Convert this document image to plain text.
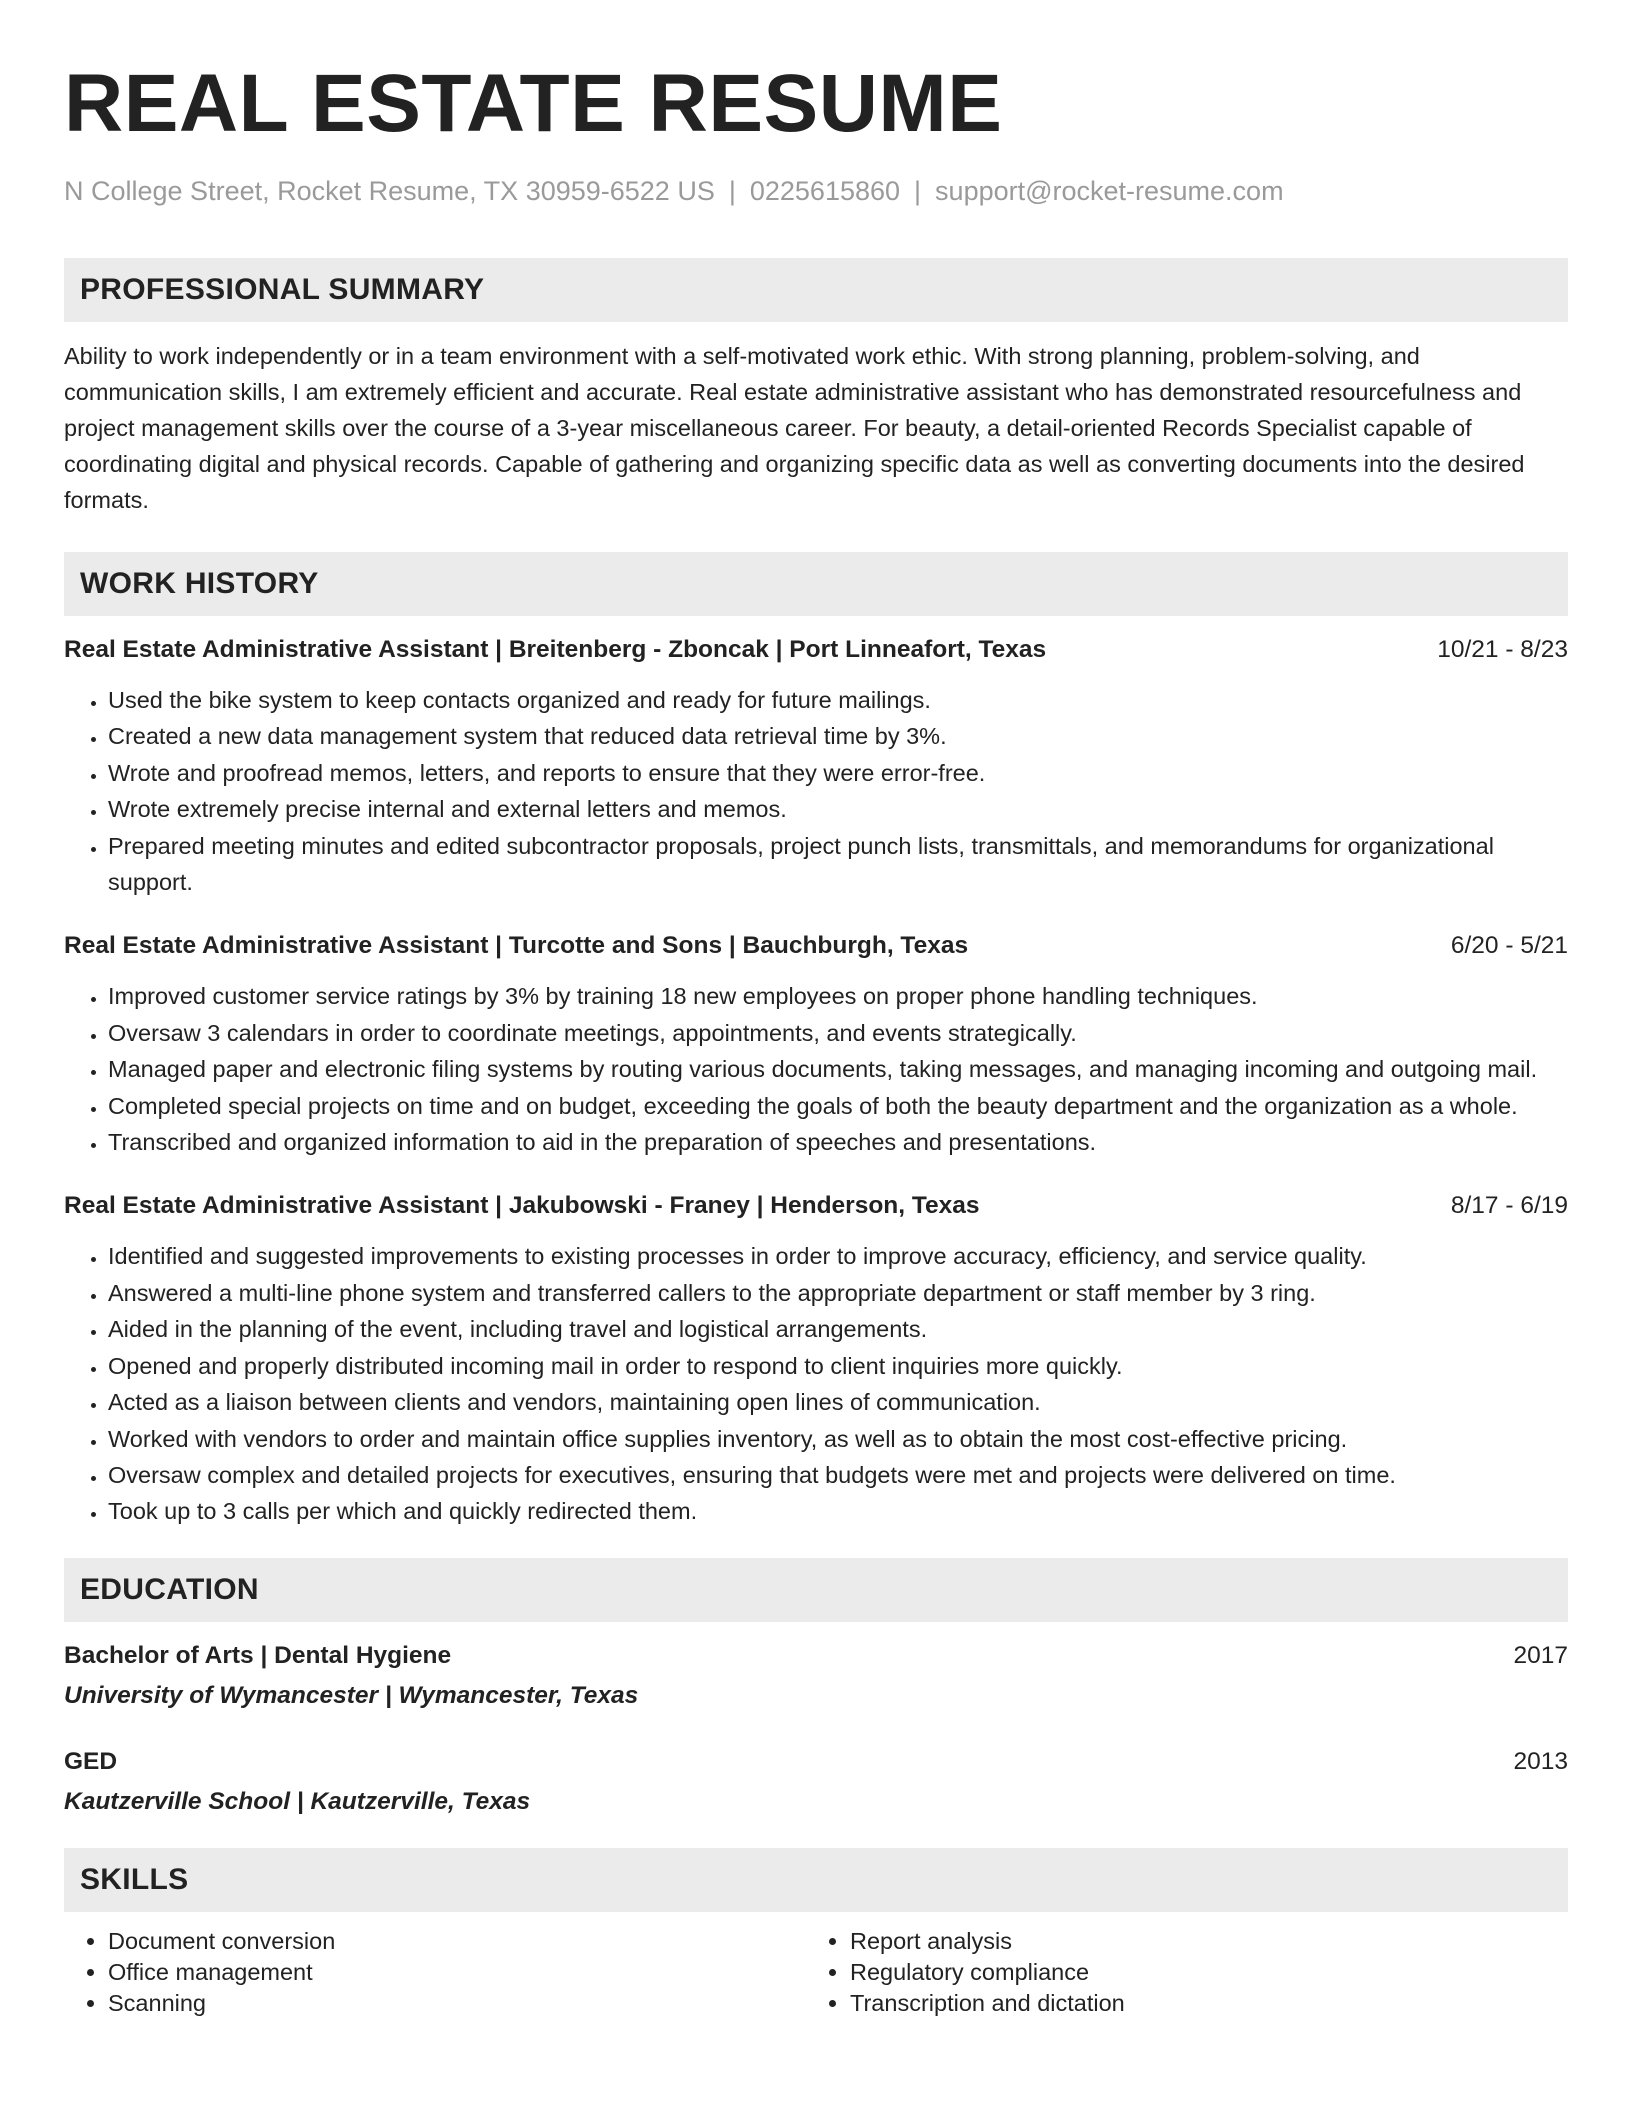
REAL ESTATE RESUME
N College Street, Rocket Resume, TX 30959-6522 US | 0225615860 | support@rocket-resume.com
PROFESSIONAL SUMMARY

Ability to work independently or in a team environment with a self-motivated work ethic. With strong planning, problem-solving, and communication skills, I am extremely efficient and accurate. Real estate administrative assistant who has demonstrated resourcefulness and project management skills over the course of a 3-year miscellaneous career. For beauty, a detail-oriented Records Specialist capable of coordinating digital and physical records. Capable of gathering and organizing specific data as well as converting documents into the desired formats.

WORK HISTORY
Real Estate Administrative Assistant | Breitenberg - Zboncak | Port Linneafort, Texas	10/21 - 8/23
• Used the bike system to keep contacts organized and ready for future mailings.
• Created a new data management system that reduced data retrieval time by 3%.
• Wrote and proofread memos, letters, and reports to ensure that they were error-free.
• Wrote extremely precise internal and external letters and memos.
• Prepared meeting minutes and edited subcontractor proposals, project punch lists, transmittals, and memorandums for organizational support.
Real Estate Administrative Assistant | Turcotte and Sons | Bauchburgh, Texas	6/20 - 5/21
• Improved customer service ratings by 3% by training 18 new employees on proper phone handling techniques.
• Oversaw 3 calendars in order to coordinate meetings, appointments, and events strategically.
• Managed paper and electronic filing systems by routing various documents, taking messages, and managing incoming and outgoing mail.
• Completed special projects on time and on budget, exceeding the goals of both the beauty department and the organization as a whole.
• Transcribed and organized information to aid in the preparation of speeches and presentations.
Real Estate Administrative Assistant | Jakubowski - Franey | Henderson, Texas	8/17 - 6/19
• Identified and suggested improvements to existing processes in order to improve accuracy, efficiency, and service quality.
• Answered a multi-line phone system and transferred callers to the appropriate department or staff member by 3 ring.
• Aided in the planning of the event, including travel and logistical arrangements.
• Opened and properly distributed incoming mail in order to respond to client inquiries more quickly.
• Acted as a liaison between clients and vendors, maintaining open lines of communication.
• Worked with vendors to order and maintain office supplies inventory, as well as to obtain the most cost-effective pricing.
• Oversaw complex and detailed projects for executives, ensuring that budgets were met and projects were delivered on time.
• Took up to 3 calls per which and quickly redirected them.
EDUCATION
Bachelor of Arts | Dental Hygiene	2017
University of Wymancester | Wymancester, Texas
GED	2013
Kautzerville School | Kautzerville, Texas
SKILLS
• Document conversion
• Office management
• Scanning
• Report analysis
• Regulatory compliance
• Transcription and dictation
